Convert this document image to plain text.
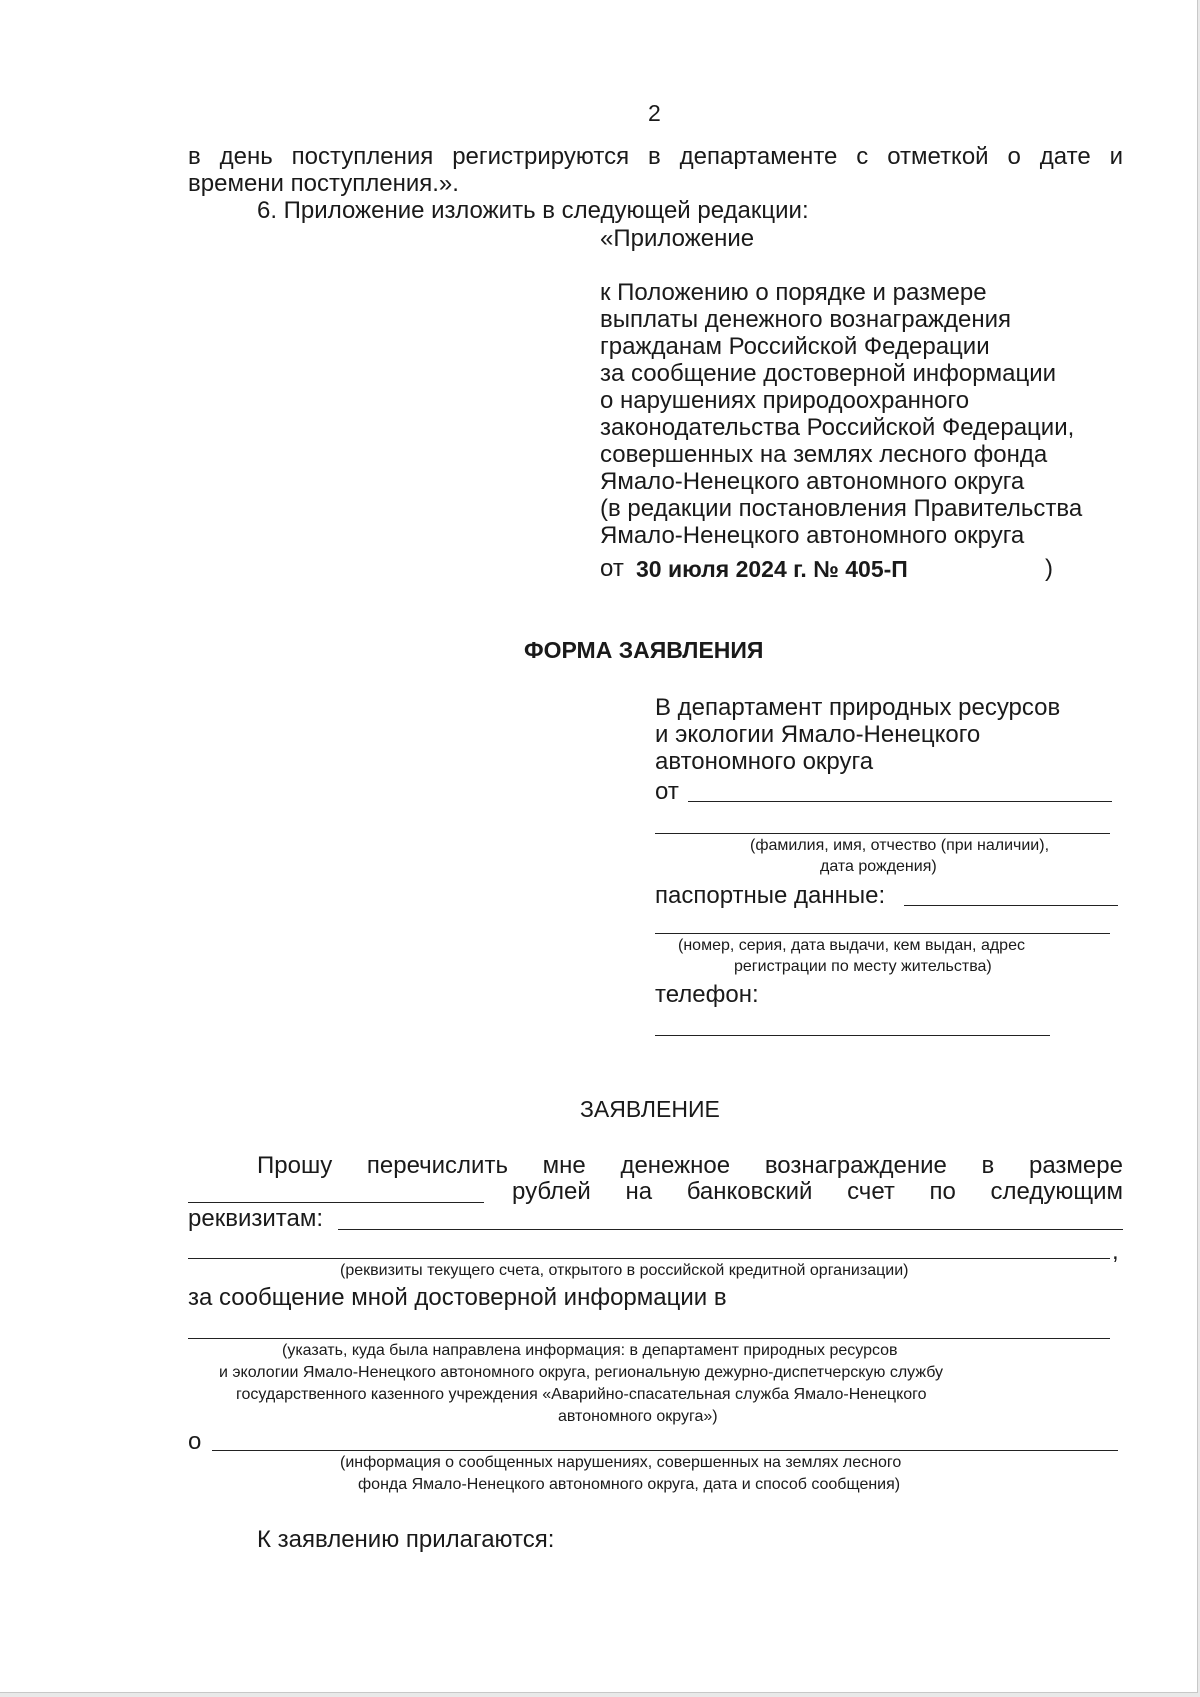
2
в день поступления регистрируются в департаменте с отметкой о дате и
времени поступления.».
6. Приложение изложить в следующей редакции:
«Приложение
к Положению о порядке и размере
выплаты денежного вознаграждения
гражданам Российской Федерации
за сообщение достоверной информации
о нарушениях природоохранного
законодательства Российской Федерации,
совершенных на землях лесного фонда
Ямало-Ненецкого автономного округа
(в редакции постановления Правительства
Ямало-Ненецкого автономного округа
от 30 июля 2024 г. № 405-П	)
ФОРМА ЗАЯВЛЕНИЯ
В департамент природных ресурсов
и экологии Ямало-Ненецкого
автономного округа
от
(фамилия, имя, отчество (при наличии),
дата рождения)
паспортные данные:
(номер, серия, дата выдачи, кем выдан, адрес
регистрации по месту жительства)
телефон:
ЗАЯВЛЕНИЕ
Прошу перечислить мне денежное вознаграждение в размере
рублей на банковский счет по следующим
реквизитам:
,
(реквизиты текущего счета, открытого в российской кредитной организации)
за сообщение мной достоверной информации в
(указать, куда была направлена информация: в департамент природных ресурсов
и экологии Ямало-Ненецкого автономного округа, региональную дежурно-диспетчерскую службу
государственного казенного учреждения «Аварийно-спасательная служба Ямало-Ненецкого
автономного округа»)
о
(информация о сообщенных нарушениях, совершенных на землях лесного
фонда Ямало-Ненецкого автономного округа, дата и способ сообщения)
К заявлению прилагаются:
